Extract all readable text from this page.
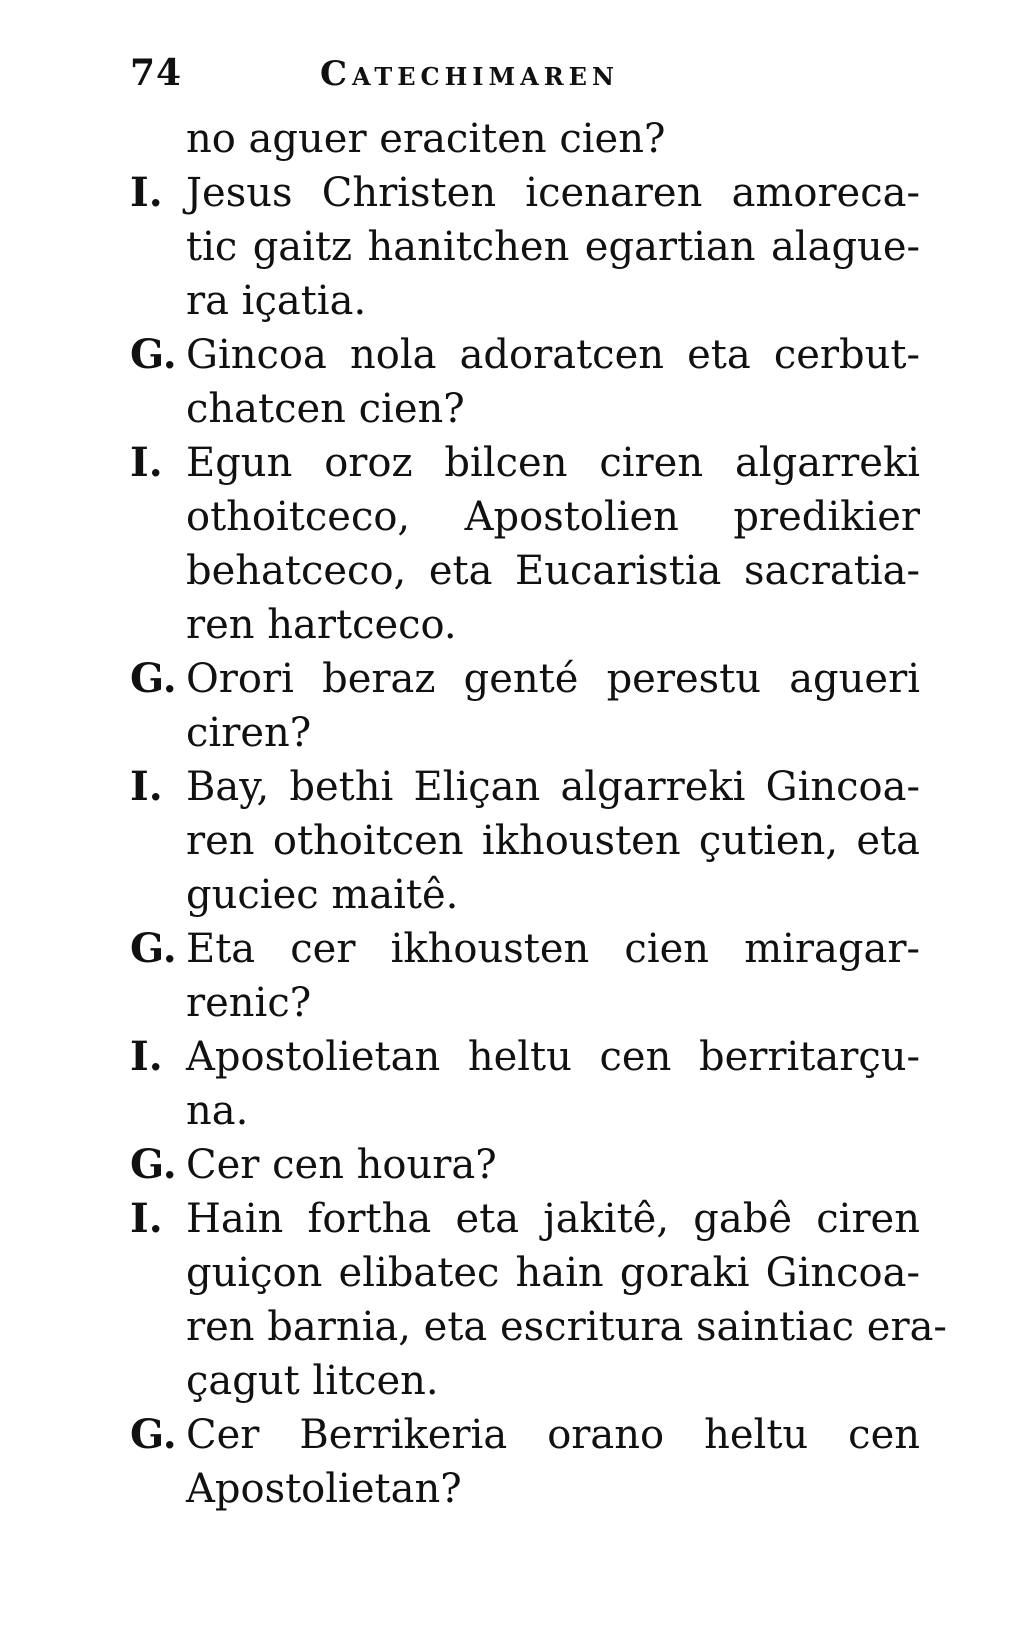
74	Catechimaren
no aguer eraciten cien?
I. Jesus Christen icenaren amoreca-
tic gaitz hanitchen egartian alague-
ra içatia.
G. Gincoa nola adoratcen eta cerbut-
chatcen cien?
I. Egun oroz bilcen ciren algarreki
othoitceco, Apostolien predikier
behatceco, eta Eucaristia sacratia-
ren hartceco.
G. Orori beraz genté perestu agueri
ciren?
I. Bay, bethi Eliçan algarreki Gincoa-
ren othoitcen ikhousten çutien, eta
guciec maitê.
G. Eta cer ikhousten cien miragar-
renic?
I. Apostolietan heltu cen berritarçu-
na.
G. Cer cen houra?
I. Hain fortha eta jakitê, gabê ciren
guiçon elibatec hain goraki Gincoa-
ren barnia, eta escritura saintiac era-
çagut litcen.
G. Cer Berrikeria orano heltu cen
Apostolietan?
